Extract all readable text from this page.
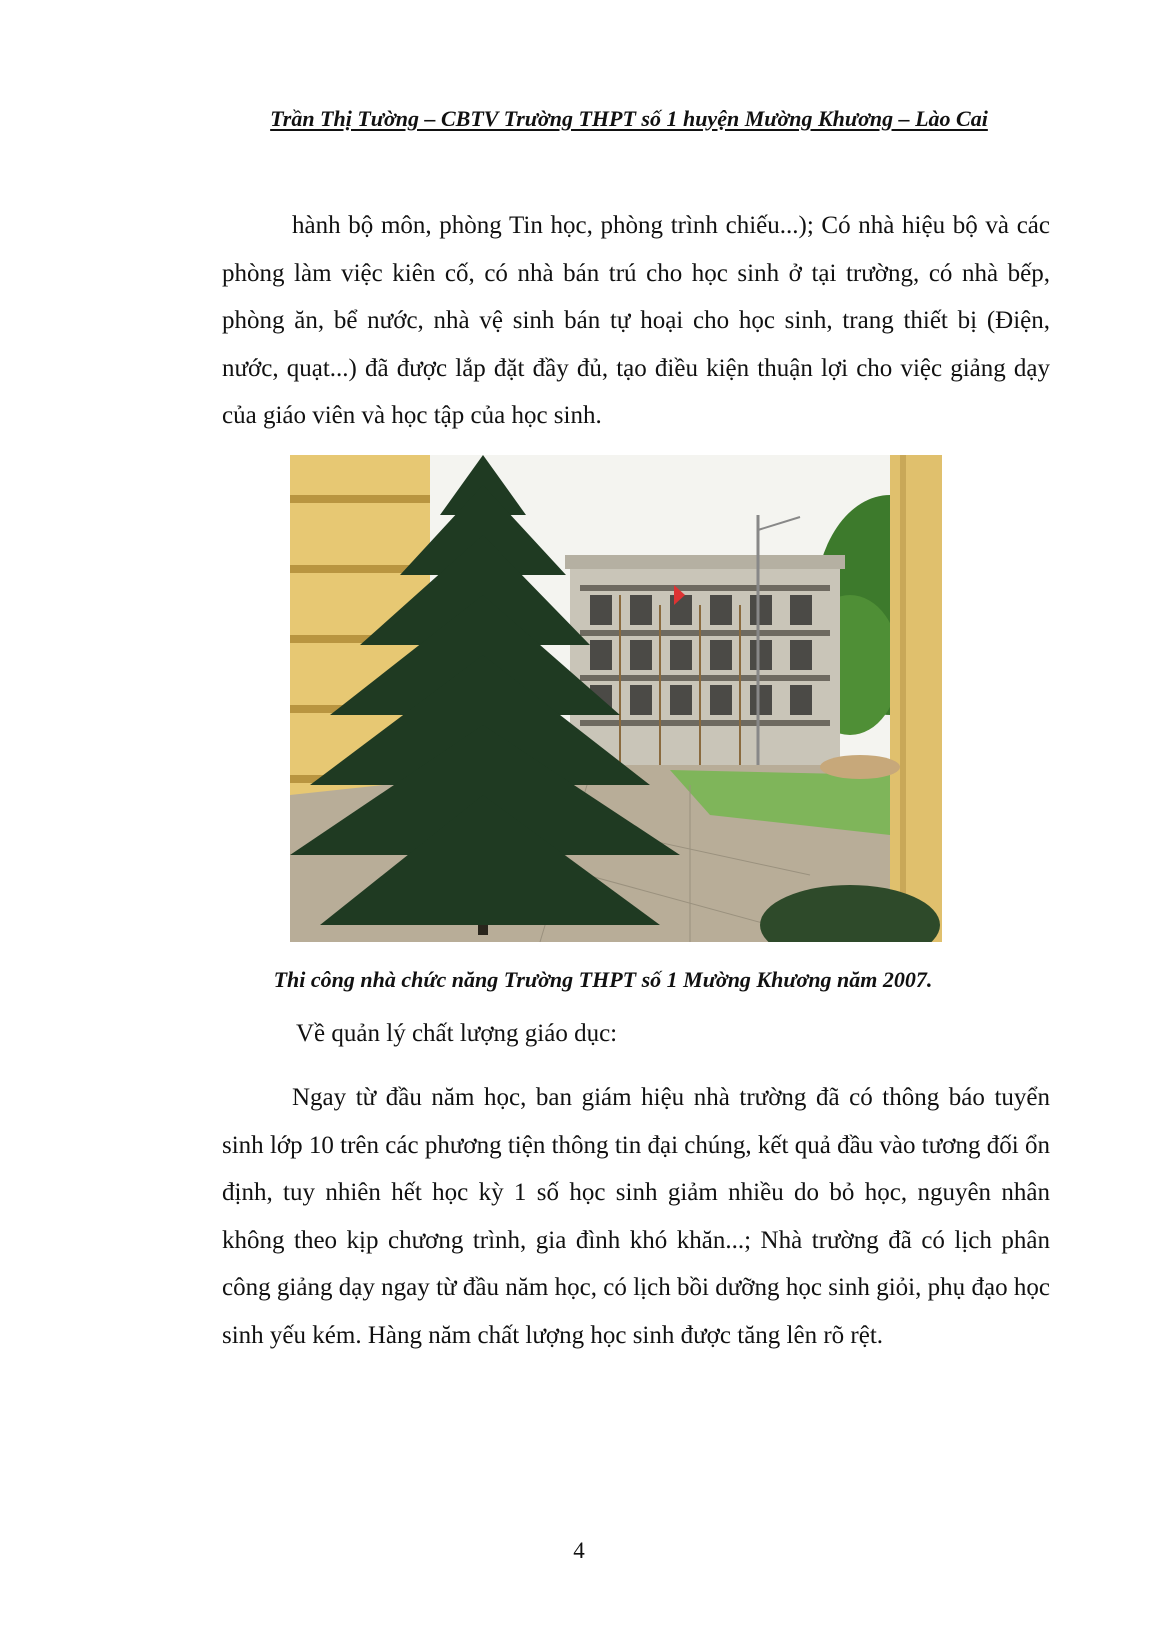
Trần Thị Tường – CBTV Trường THPT số 1 huyện Mường Khương – Lào Cai

hành bộ môn, phòng Tin học, phòng trình chiếu...); Có nhà hiệu bộ và các phòng làm việc kiên cố, có nhà bán trú cho học sinh ở tại trường, có nhà bếp, phòng ăn, bể nước, nhà vệ sinh bán tự hoại cho học sinh, trang thiết bị (Điện, nước, quạt...) đã được lắp đặt đầy đủ, tạo điều kiện thuận lợi cho việc giảng dạy của giáo viên và học tập của học sinh.

Thi công nhà chức năng Trường THPT số 1 Mường Khương năm 2007.
Về quản lý chất lượng giáo dục:

Ngay từ đầu năm học, ban giám hiệu nhà trường đã có thông báo tuyển sinh lớp 10 trên các phương tiện thông tin đại chúng, kết quả đầu vào tương đối ổn định, tuy nhiên hết học kỳ 1 số học sinh giảm nhiều do bỏ học, nguyên nhân không theo kịp chương trình, gia đình khó khăn...; Nhà trường đã có lịch phân công giảng dạy ngay từ đầu năm học, có lịch bồi dưỡng học sinh giỏi, phụ đạo học sinh yếu kém. Hàng năm chất lượng học sinh được tăng lên rõ rệt.

4
